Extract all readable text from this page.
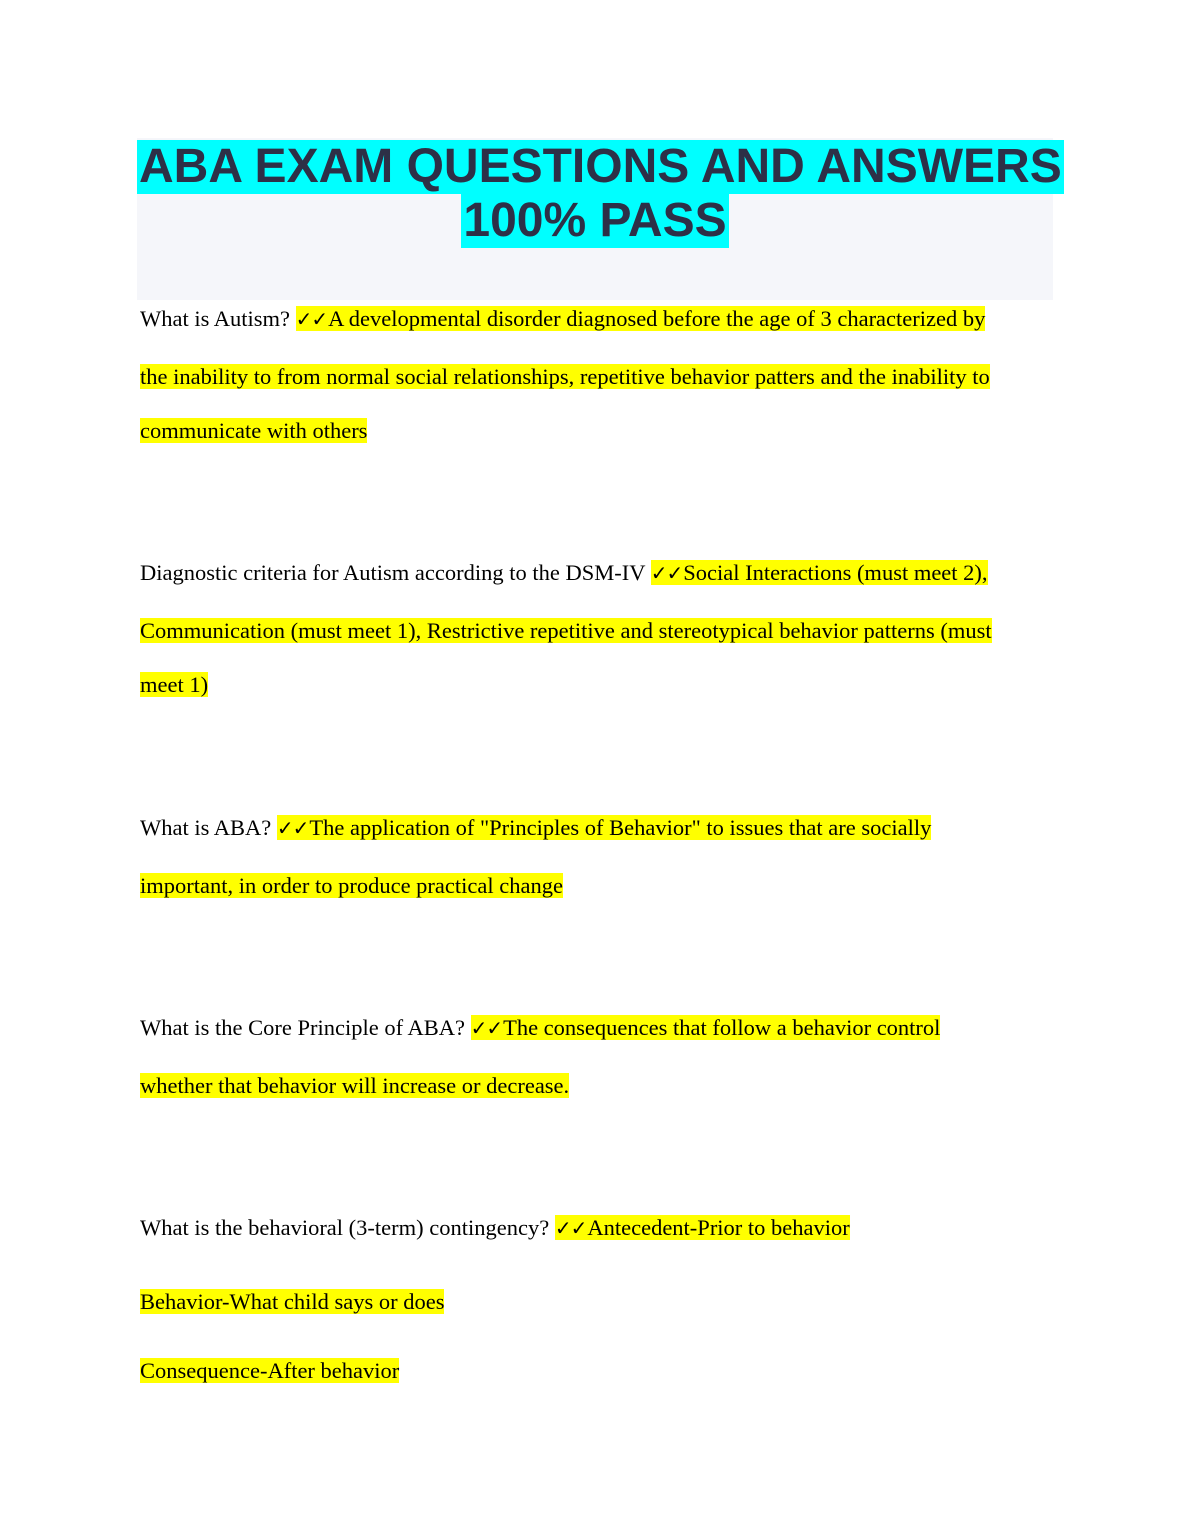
ABA EXAM QUESTIONS AND ANSWERS
100% PASS
What is Autism? ✓✓A developmental disorder diagnosed before the age of 3 characterized by
the inability to from normal social relationships, repetitive behavior patters and the inability to
communicate with others
Diagnostic criteria for Autism according to the DSM-IV ✓✓Social Interactions (must meet 2),
Communication (must meet 1), Restrictive repetitive and stereotypical behavior patterns (must
meet 1)
What is ABA? ✓✓The application of "Principles of Behavior" to issues that are socially
important, in order to produce practical change
What is the Core Principle of ABA? ✓✓The consequences that follow a behavior control
whether that behavior will increase or decrease.
What is the behavioral (3-term) contingency? ✓✓Antecedent-Prior to behavior
Behavior-What child says or does
Consequence-After behavior
